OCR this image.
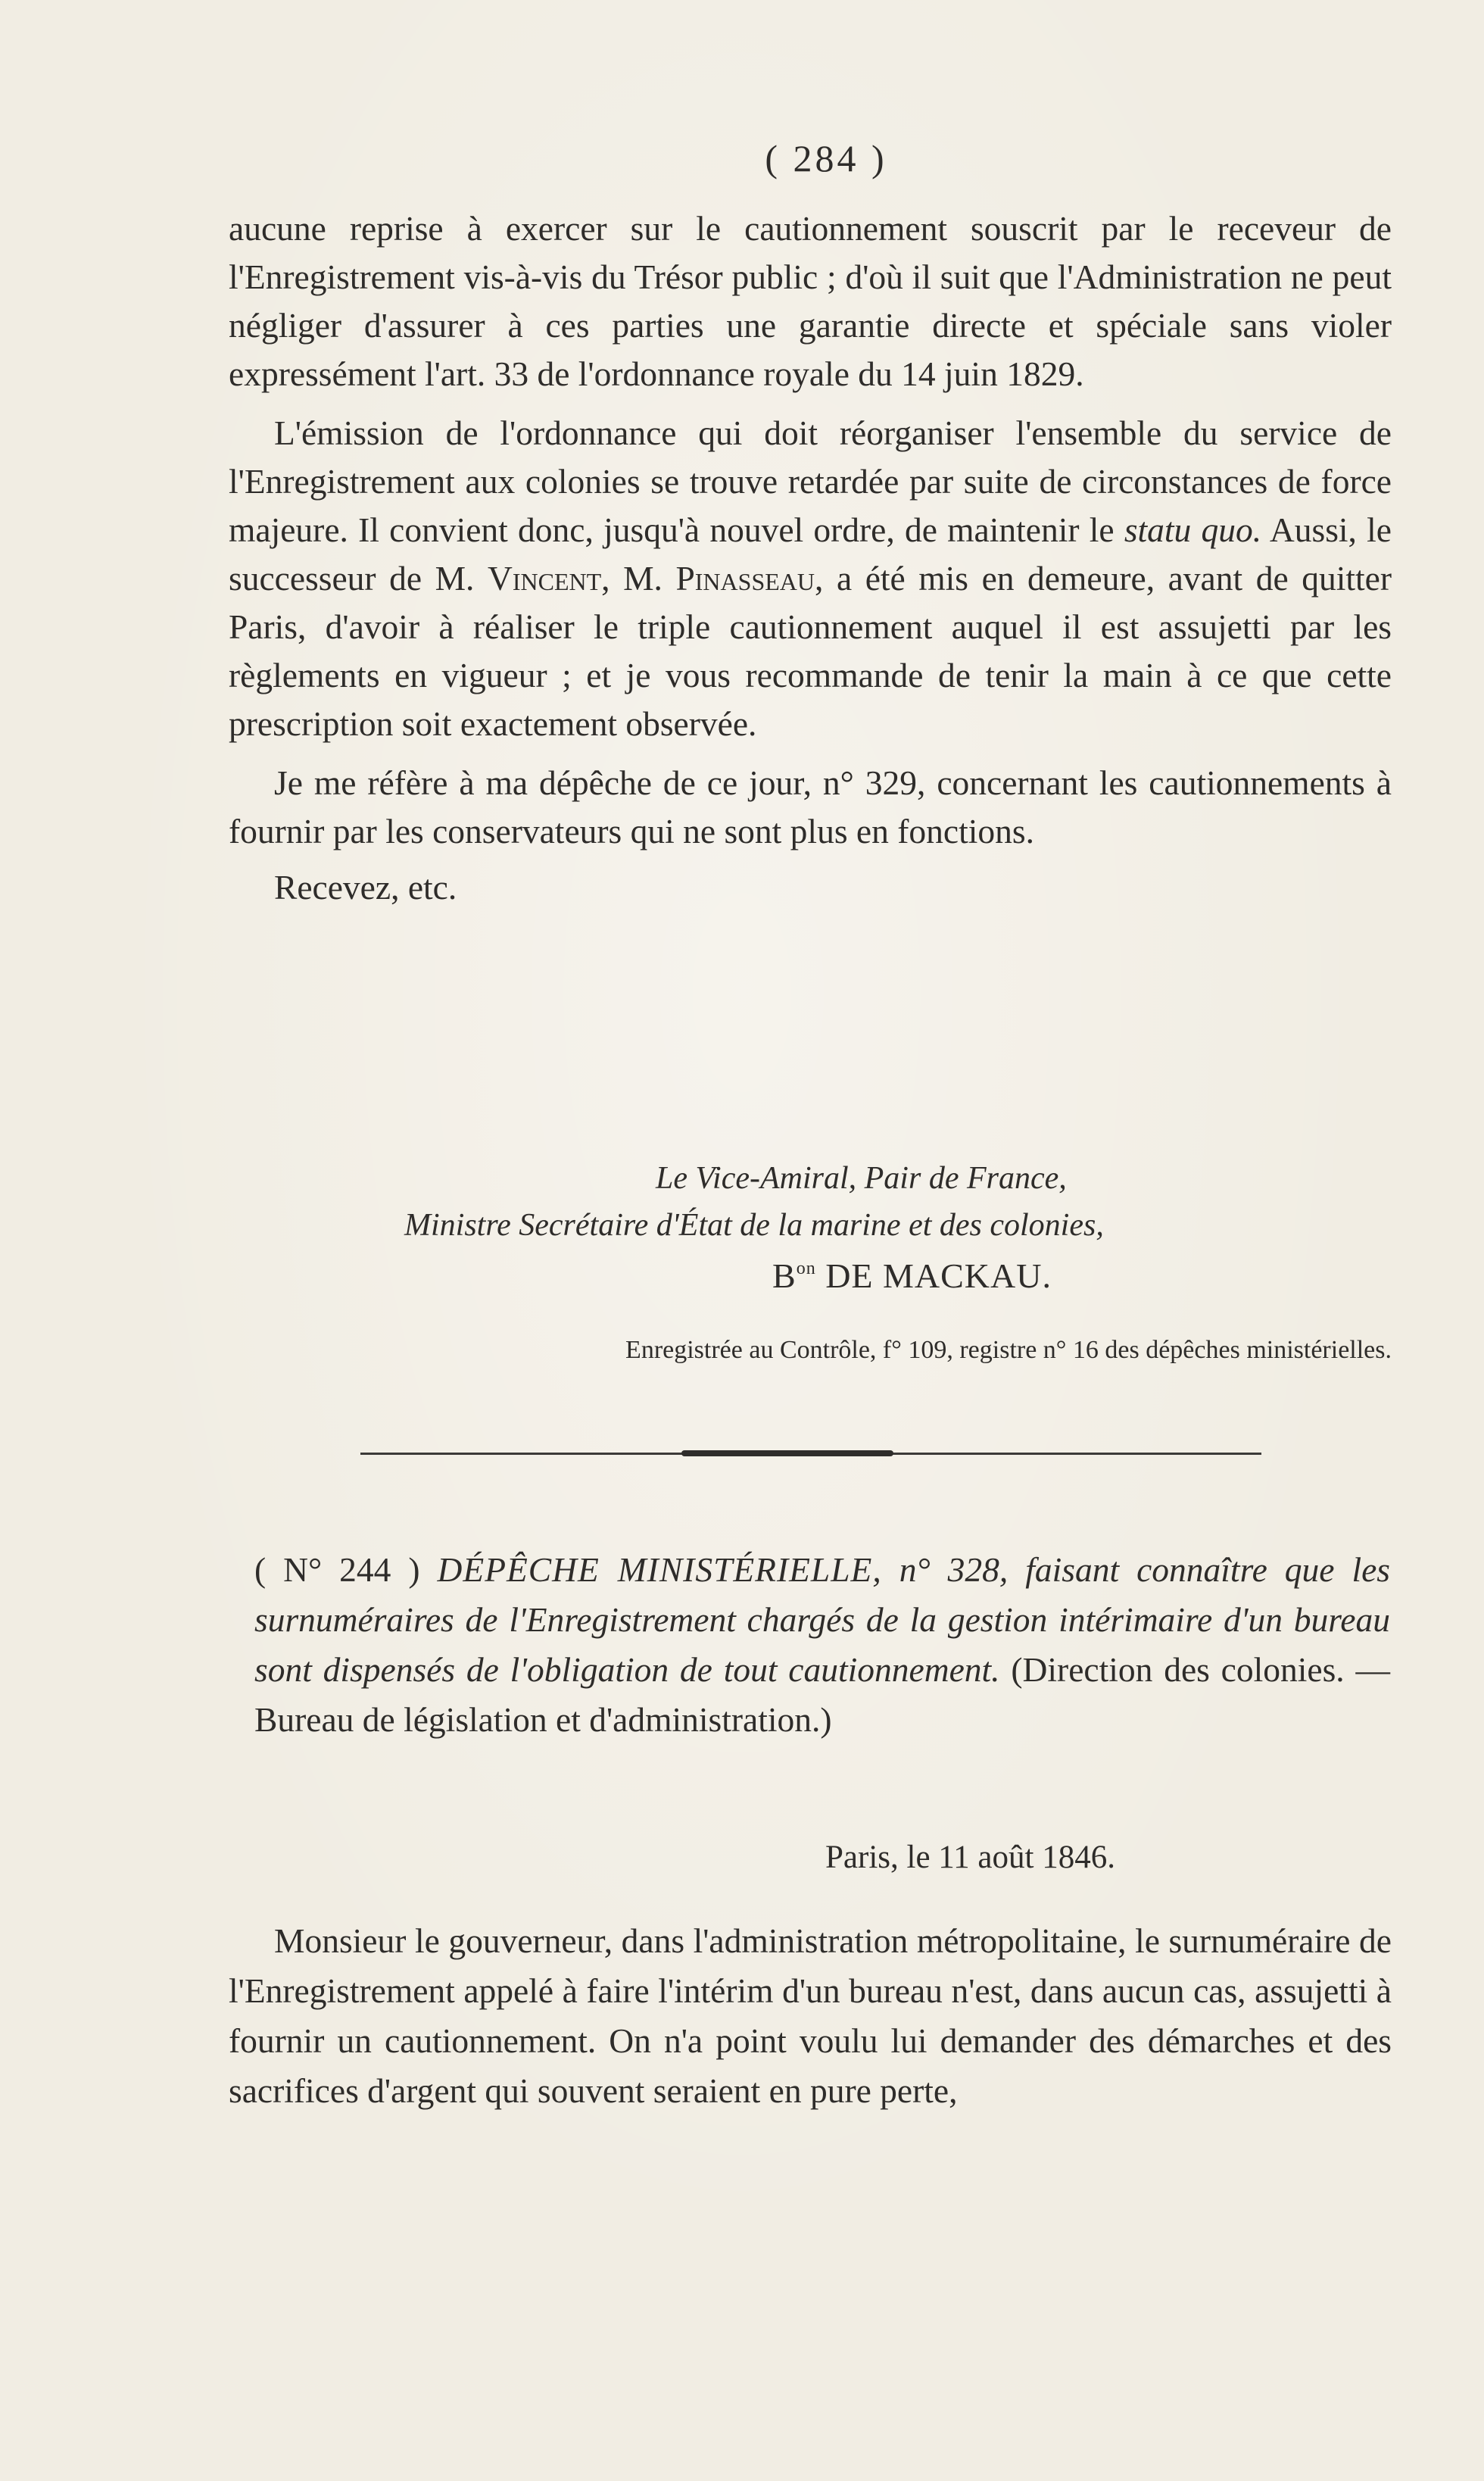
( 284 )

aucune reprise à exercer sur le cautionnement souscrit par le receveur de l'Enregistrement vis-à-vis du Trésor public ; d'où il suit que l'Administration ne peut négliger d'assurer à ces parties une garantie directe et spéciale sans violer expressément l'art. 33 de l'ordonnance royale du 14 juin 1829.

L'émission de l'ordonnance qui doit réorganiser l'ensemble du service de l'Enregistrement aux colonies se trouve retardée par suite de circonstances de force majeure. Il convient donc, jusqu'à nouvel ordre, de maintenir le statu quo. Aussi, le successeur de M. Vincent, M. Pinasseau, a été mis en demeure, avant de quitter Paris, d'avoir à réaliser le triple cautionnement auquel il est assujetti par les règlements en vigueur ; et je vous recommande de tenir la main à ce que cette prescription soit exactement observée.

Je me réfère à ma dépêche de ce jour, n° 329, concernant les cautionnements à fournir par les conservateurs qui ne sont plus en fonctions.

Recevez, etc.

Le Vice-Amiral, Pair de France,
Ministre Secrétaire d'État de la marine et des colonies,
$B^{on}$ DE MACKAU.
Enregistrée au Contrôle, f° 109, registre n° 16 des dépêches ministérielles.
( N° 244 ) DÉPÊCHE MINISTÉRIELLE, n° 328, faisant connaître que les surnuméraires de l'Enregistrement chargés de la gestion intérimaire d'un bureau sont dispensés de l'obligation de tout cautionnement. (Direction des colonies. — Bureau de législation et d'administration.)
Paris, le 11 août 1846.

Monsieur le gouverneur, dans l'administration métropolitaine, le surnuméraire de l'Enregistrement appelé à faire l'intérim d'un bureau n'est, dans aucun cas, assujetti à fournir un cautionnement. On n'a point voulu lui demander des démarches et des sacrifices d'argent qui souvent seraient en pure perte,
